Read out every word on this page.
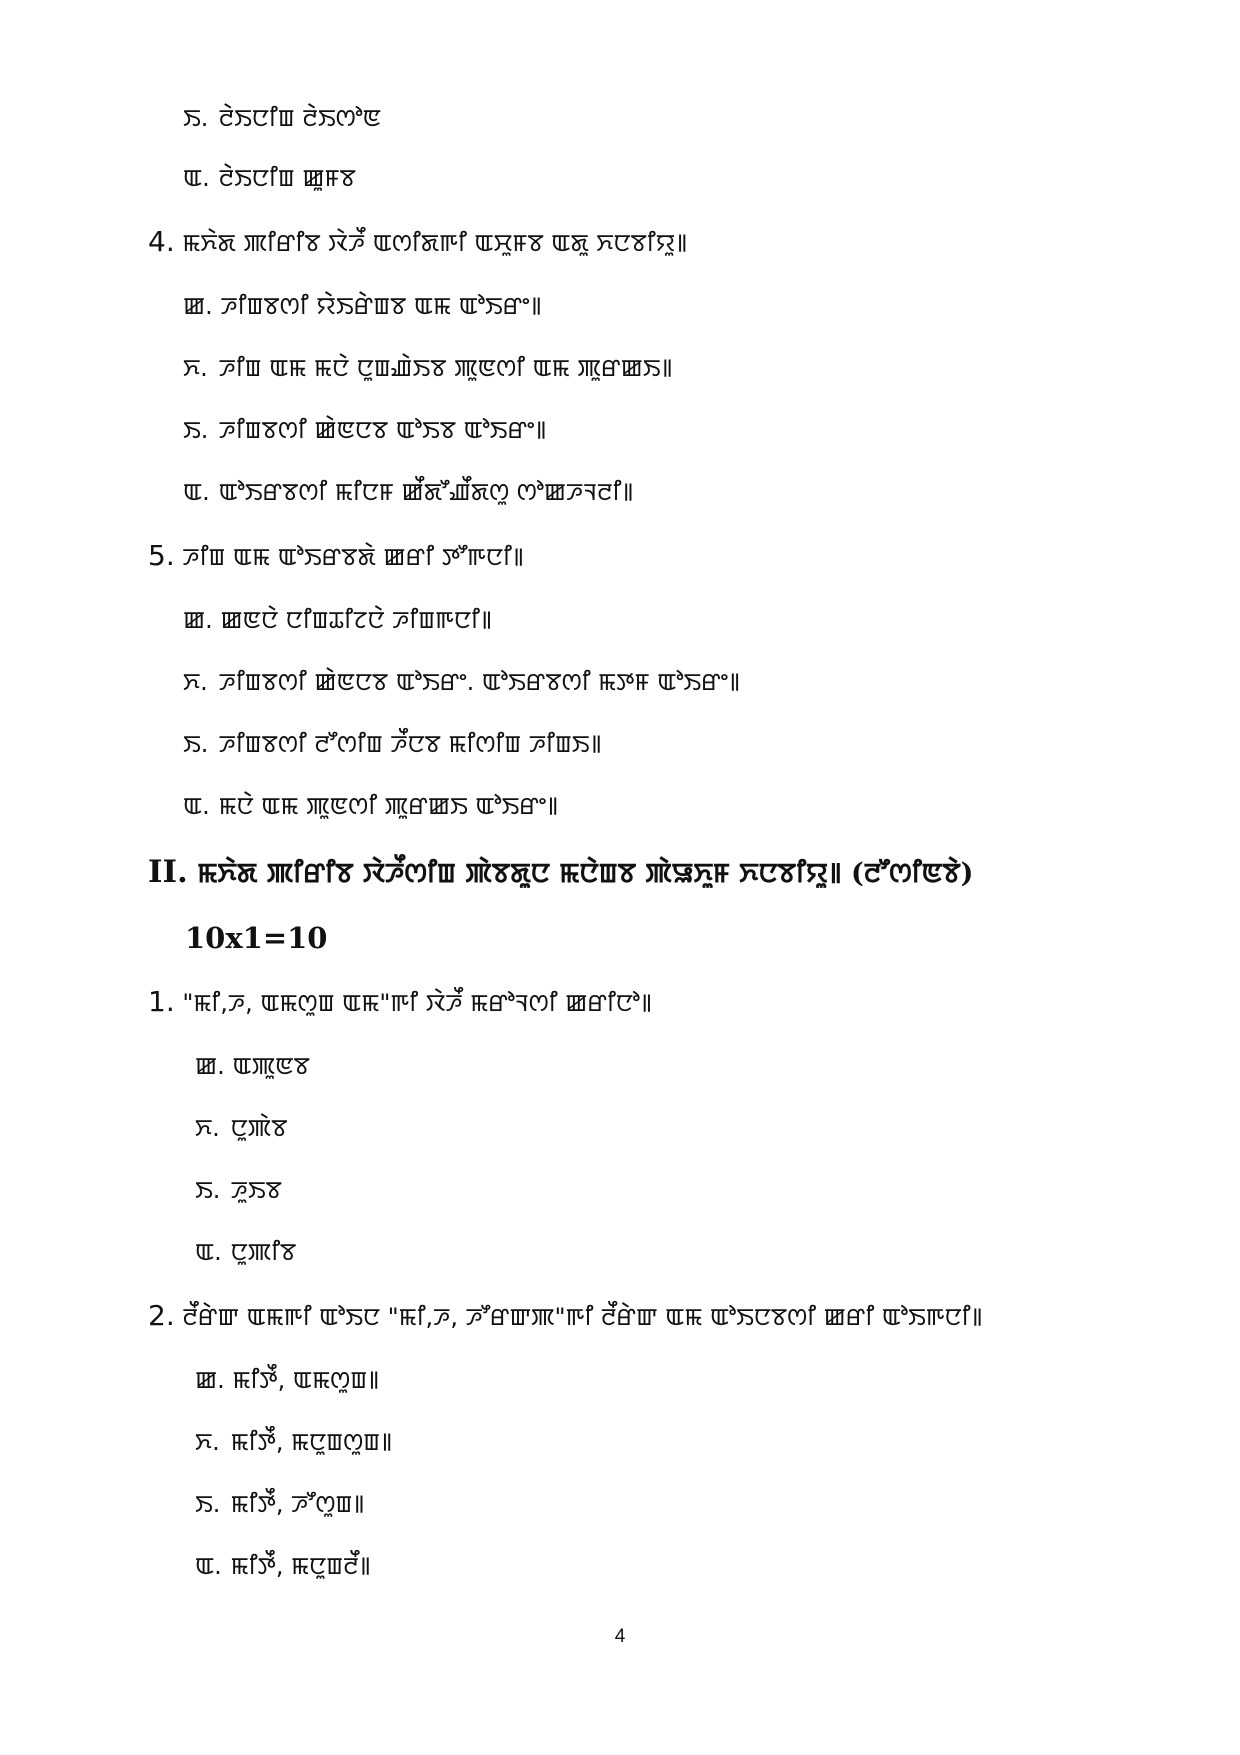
ꯏ. ꯂꯥꯏꯅꯤꯡ ꯂꯥꯏꯁꯣꯟ
ꯑ. ꯂꯥꯏꯅꯤꯡ ꯀꯨꯝꯕ
4. ꯃꯈꯥꯗ ꯄꯤꯔꯤꯕ ꯋꯥꯍꯩ ꯑꯁꯤꯗꯒꯤ ꯑꯆꯨꯝꯕ ꯑꯗꯨ ꯈꯅꯕꯤꯌꯨ꯫
ꯀ. ꯍꯤꯡꯕꯁꯤ ꯌꯥꯏꯔꯥꯡꯕ ꯑꯃ ꯑꯣꯏꯔꯦ꯫
ꯈ. ꯍꯤꯡ ꯑꯃ ꯃꯅꯥ ꯅꯨꯡꯉꯥꯏꯕ ꯄꯨꯟꯁꯤ ꯑꯃ ꯄꯨꯔꯀꯏ꯫
ꯏ. ꯍꯤꯡꯕꯁꯤ ꯀꯥꯟꯅꯕ ꯑꯣꯏꯕ ꯑꯣꯏꯔꯦ꯫
ꯑ. ꯑꯣꯏꯔꯕꯁꯤ ꯃꯤꯅꯝ ꯀꯩꯗꯧꯉꯩꯗꯁꯨ ꯁꯣꯀꯍꯜꯂꯤ꯫
5. ꯍꯤꯡ ꯑꯃ ꯑꯣꯏꯔꯕꯗꯥ ꯀꯔꯤ ꯇꯧꯒꯅꯤ꯫
ꯀ. ꯀꯟꯅꯥ ꯅꯤꯡꯊꯤꯖꯅꯥ ꯍꯤꯡꯒꯅꯤ꯫
ꯈ. ꯍꯤꯡꯕꯁꯤ ꯀꯥꯟꯅꯕ ꯑꯣꯏꯔꯦ. ꯑꯣꯏꯔꯕꯁꯤ ꯃꯇꯝ ꯑꯣꯏꯔꯦ꯫
ꯏ. ꯍꯤꯡꯕꯁꯤ ꯂꯧꯁꯤꯡ ꯍꯩꯅꯕ ꯃꯤꯁꯤꯡ ꯍꯤꯡꯏ꯫
ꯑ. ꯃꯅꯥ ꯑꯃ ꯄꯨꯟꯁꯤ ꯄꯨꯔꯀꯏ ꯑꯣꯏꯔꯦ꯫
II. ꯃꯈꯥꯗ ꯄꯤꯔꯤꯕ ꯋꯥꯍꯩꯁꯤꯡ ꯄꯥꯕꯗꯨꯅ ꯃꯅꯥꯡꯕ ꯄꯥꯎꯈꯨꯝ ꯈꯅꯕꯤꯌꯨ꯫ (ꯂꯧꯁꯤꯟꯕꯥ)
10x1=10
1. "ꯃꯤ,ꯍ, ꯑꯃꯁꯨꯡ ꯑꯃ"ꯒꯤ ꯋꯥꯍꯩ ꯃꯔꯣꯜꯁꯤ ꯀꯔꯤꯅꯣ꯫
ꯀ. ꯑꯄꯨꯟꯕ
ꯈ. ꯅꯨꯄꯥꯕ
ꯏ. ꯍꯨꯏꯕ
ꯑ. ꯅꯨꯄꯤꯕ
2. ꯂꯩꯔꯥꯛ ꯑꯃꯒꯤ ꯑꯣꯏꯅ "ꯃꯤ,ꯍ, ꯍꯧꯔꯛꯄ"ꯒꯤ ꯂꯩꯔꯥꯛ ꯑꯃ ꯑꯣꯏꯅꯕꯁꯤ ꯀꯔꯤ ꯑꯣꯏꯒꯅꯤ꯫
ꯀ. ꯃꯤꯇꯩ, ꯑꯃꯁꯨꯡ꯫
ꯈ. ꯃꯤꯇꯩ, ꯃꯅꯨꯡꯁꯨꯡ꯫
ꯏ. ꯃꯤꯇꯩ, ꯍꯧꯁꯨꯡ꯫
ꯑ. ꯃꯤꯇꯩ, ꯃꯅꯨꯡꯂꯩ꯫
4
